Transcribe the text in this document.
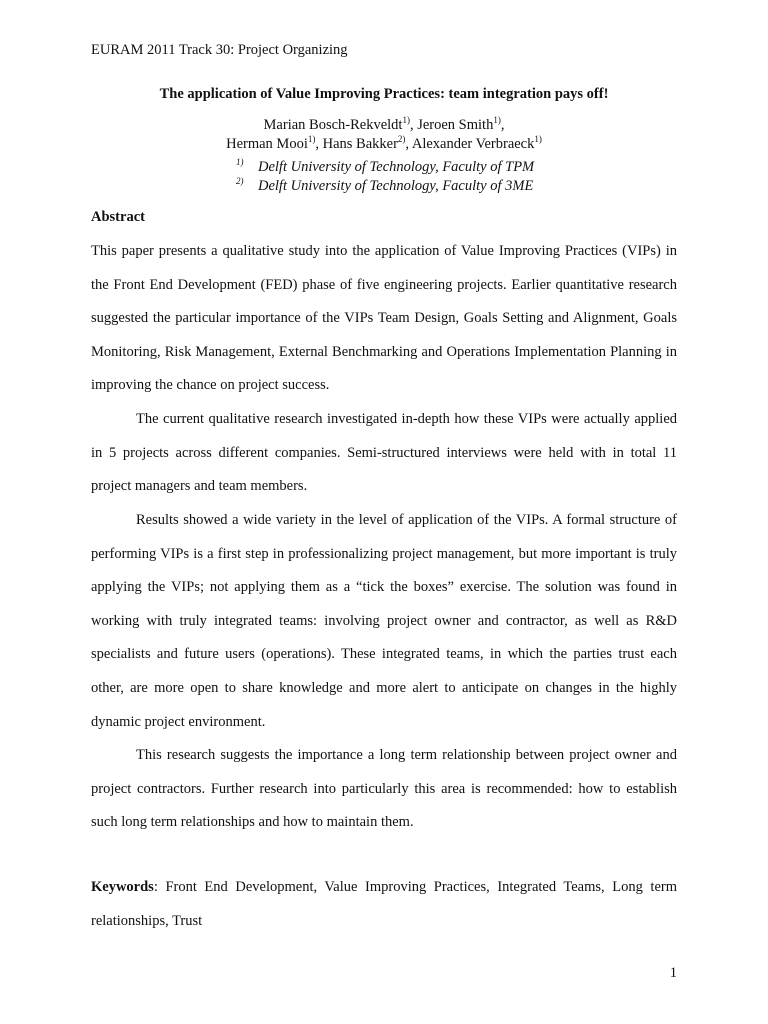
EURAM 2011 Track 30: Project Organizing
The application of Value Improving Practices: team integration pays off!
Marian Bosch-Rekveldt$^{1)}$, Jeroen Smith$^{1)}$,
Herman Mooi$^{1)}$, Hans Bakker$^{2)}$, Alexander Verbraeck$^{1)}$
1) Delft University of Technology, Faculty of TPM
2) Delft University of Technology, Faculty of 3ME
Abstract

This paper presents a qualitative study into the application of Value Improving Practices (VIPs) in the Front End Development (FED) phase of five engineering projects. Earlier quantitative research suggested the particular importance of the VIPs Team Design, Goals Setting and Alignment, Goals Monitoring, Risk Management, External Benchmarking and Operations Implementation Planning in improving the chance on project success.

The current qualitative research investigated in-depth how these VIPs were actually applied in 5 projects across different companies. Semi-structured interviews were held with in total 11 project managers and team members.

Results showed a wide variety in the level of application of the VIPs. A formal structure of performing VIPs is a first step in professionalizing project management, but more important is truly applying the VIPs; not applying them as a “tick the boxes” exercise. The solution was found in working with truly integrated teams: involving project owner and contractor, as well as R&D specialists and future users (operations). These integrated teams, in which the parties trust each other, are more open to share knowledge and more alert to anticipate on changes in the highly dynamic project environment.

This research suggests the importance a long term relationship between project owner and project contractors. Further research into particularly this area is recommended: how to establish such long term relationships and how to maintain them.

Keywords: Front End Development, Value Improving Practices, Integrated Teams, Long term relationships, Trust

1
